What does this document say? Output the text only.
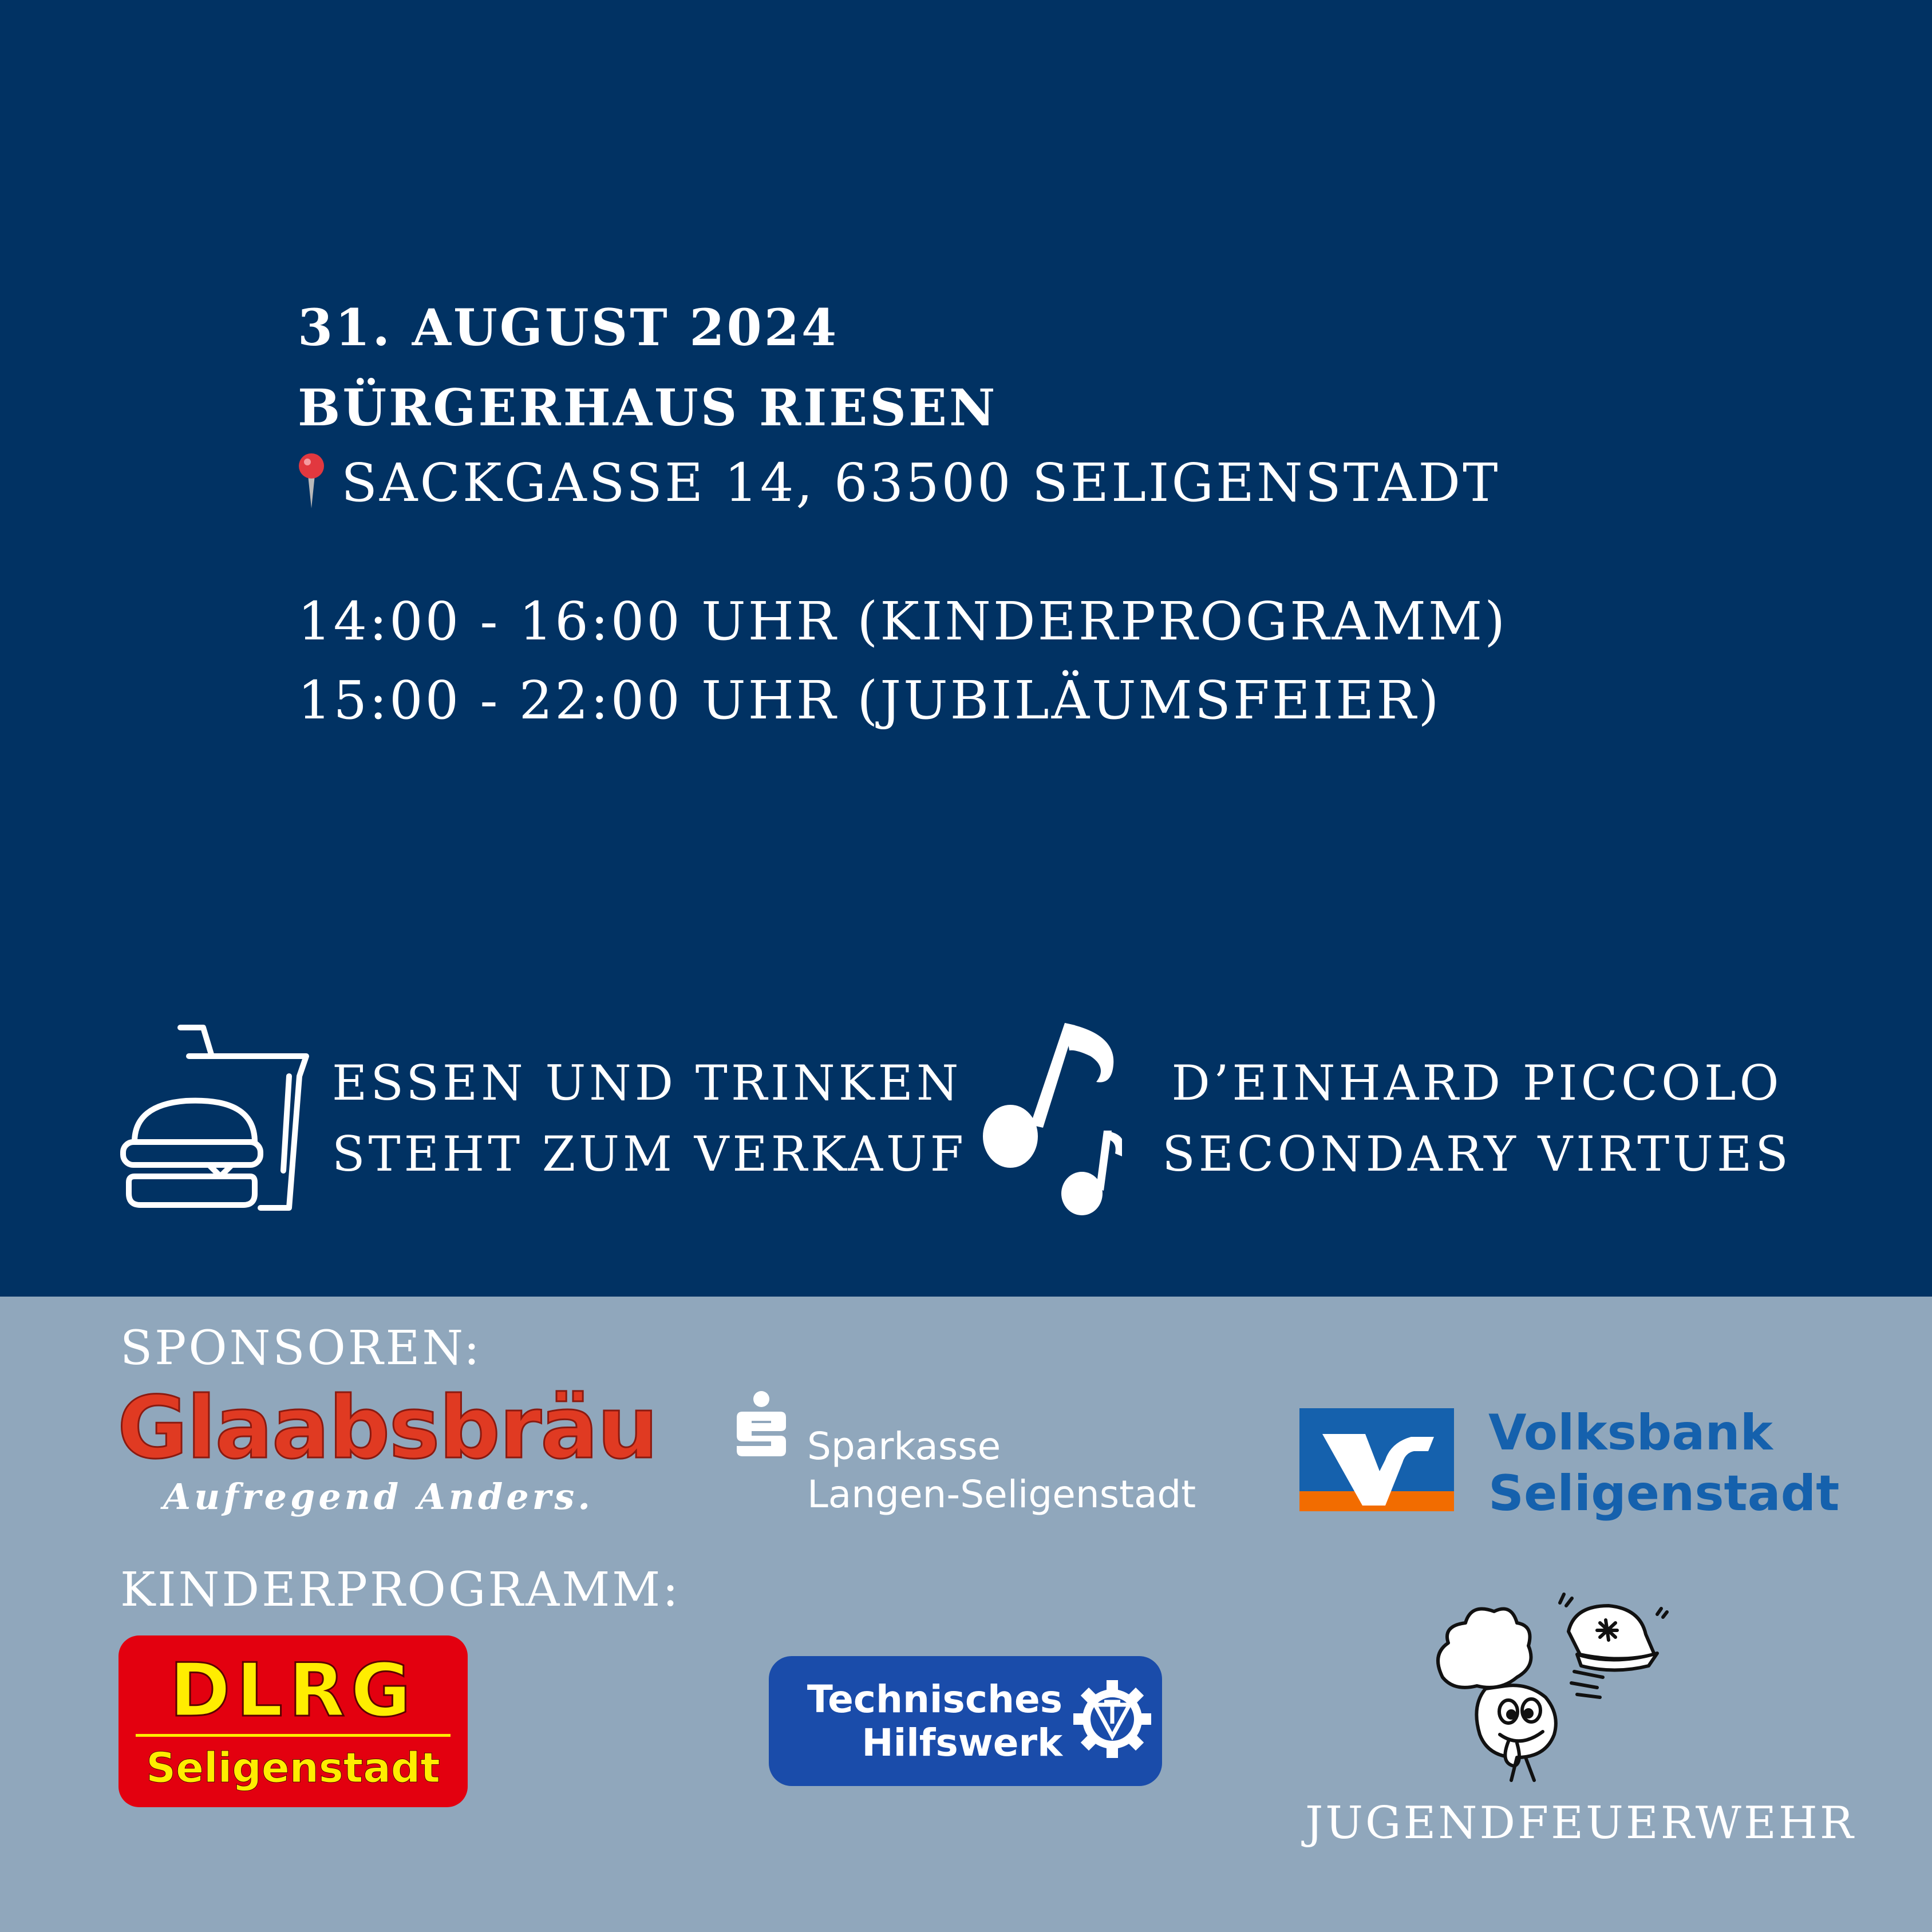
31. AUGUST 2024
BÜRGERHAUS RIESEN
SACKGASSE 14, 63500 SELIGENSTADT
14:00 - 16:00 UHR (KINDERPROGRAMM)
15:00 - 22:00 UHR (JUBILÄUMSFEIER)
ESSEN UND TRINKEN
STEHT ZUM VERKAUF
D’EINHARD PICCOLO
SECONDARY VIRTUES
SPONSOREN:
Glaabsbräu
Aufregend Anders.
Sparkasse
Langen-Seligenstadt
Volksbank
Seligenstadt
KINDERPROGRAMM:
DLRG
Seligenstadt
Technisches
Hilfswerk
JUGENDFEUERWEHR
